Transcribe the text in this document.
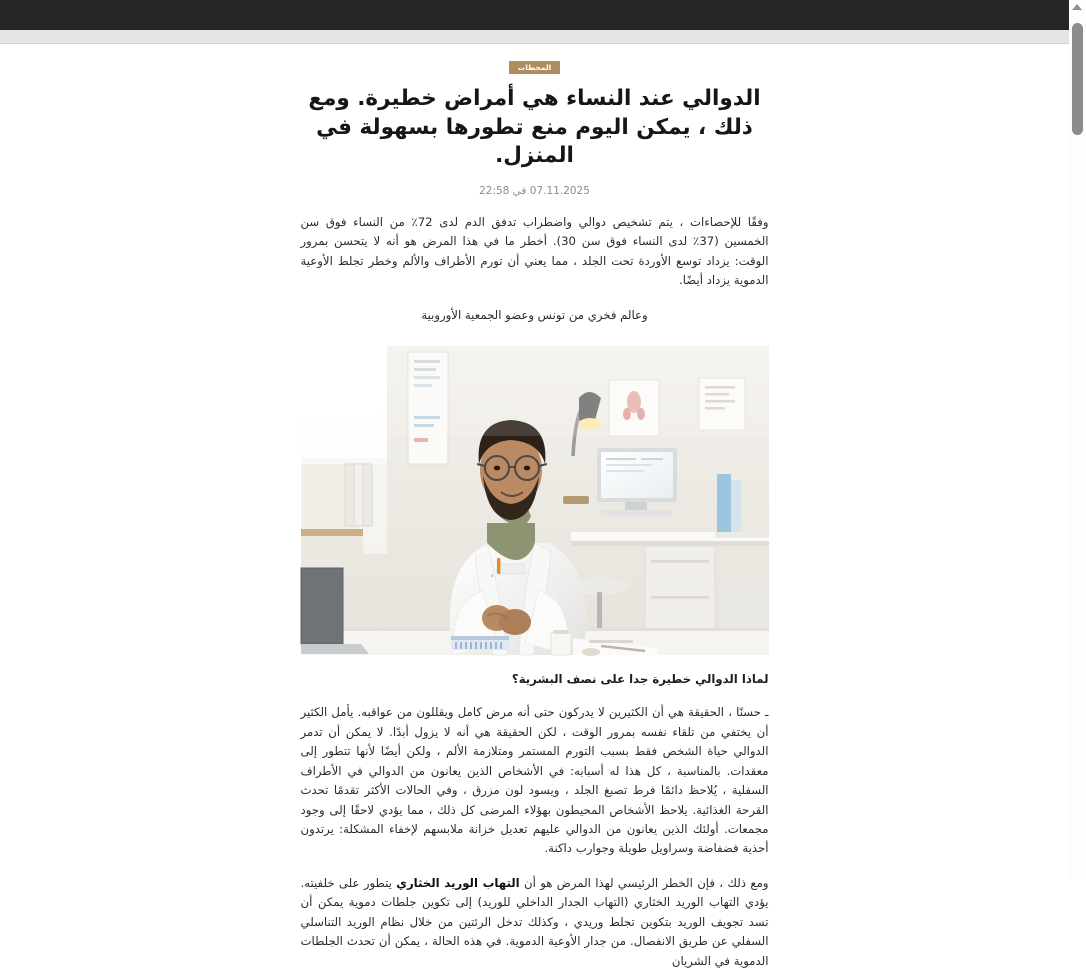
المحطات
الدوالي عند النساء هي أمراض خطيرة. ومع ذلك ، يمكن اليوم منع تطورها بسهولة في المنزل.
07.11.2025 في 22:58

وفقًا للإحصاءات ، يتم تشخيص دوالي واضطراب تدفق الدم لدى 72٪ من النساء فوق سن الخمسين (37٪ لدى النساء فوق سن 30). أخطر ما في هذا المرض هو أنه لا يتحسن بمرور الوقت: يزداد توسع الأوردة تحت الجلد ، مما يعني أن تورم الأطراف والألم وخطر تجلط الأوعية الدموية يزداد أيضًا.

وعالم فخري من تونس وعضو الجمعية الأوروبية

لماذا الدوالي خطيرة جدا على نصف البشرية؟

ـ حسنًا ، الحقيقة هي أن الكثيرين لا يدركون حتى أنه مرض كامل ويقللون من عواقبه. يأمل الكثير أن يختفي من تلقاء نفسه بمرور الوقت ، لكن الحقيقة هي أنه لا يزول أبدًا. لا يمكن أن تدمر الدوالي حياة الشخص فقط بسبب التورم المستمر ومتلازمة الألم ، ولكن أيضًا لأنها تتطور إلى معقدات. بالمناسبة ، كل هذا له أسبابه: في الأشخاص الذين يعانون من الدوالي في الأطراف السفلية ، يُلاحظ دائمًا فرط تصبغ الجلد ، ويسود لون مزرق ، وفي الحالات الأكثر تقدمًا تحدث القرحة الغذائية. يلاحظ الأشخاص المحيطون بهؤلاء المرضى كل ذلك ، مما يؤدي لاحقًا إلى وجود مجمعات. أولئك الذين يعانون من الدوالي عليهم تعديل خزانة ملابسهم لإخفاء المشكلة: يرتدون أحذية فضفاضة وسراويل طويلة وجوارب داكنة.

ومع ذلك ، فإن الخطر الرئيسي لهذا المرض هو أن التهاب الوريد الخثاري يتطور على خلفيته. يؤدي التهاب الوريد الخثاري (التهاب الجدار الداخلي للوريد) إلى تكوين جلطات دموية يمكن أن تسد تجويف الوريد بتكوين تجلط وريدي ، وكذلك تدخل الرئتين من خلال نظام الوريد التناسلي السفلي عن طريق الانفصال. من جدار الأوعية الدموية. في هذه الحالة ، يمكن أن تحدث الجلطات الدموية في الشريان
